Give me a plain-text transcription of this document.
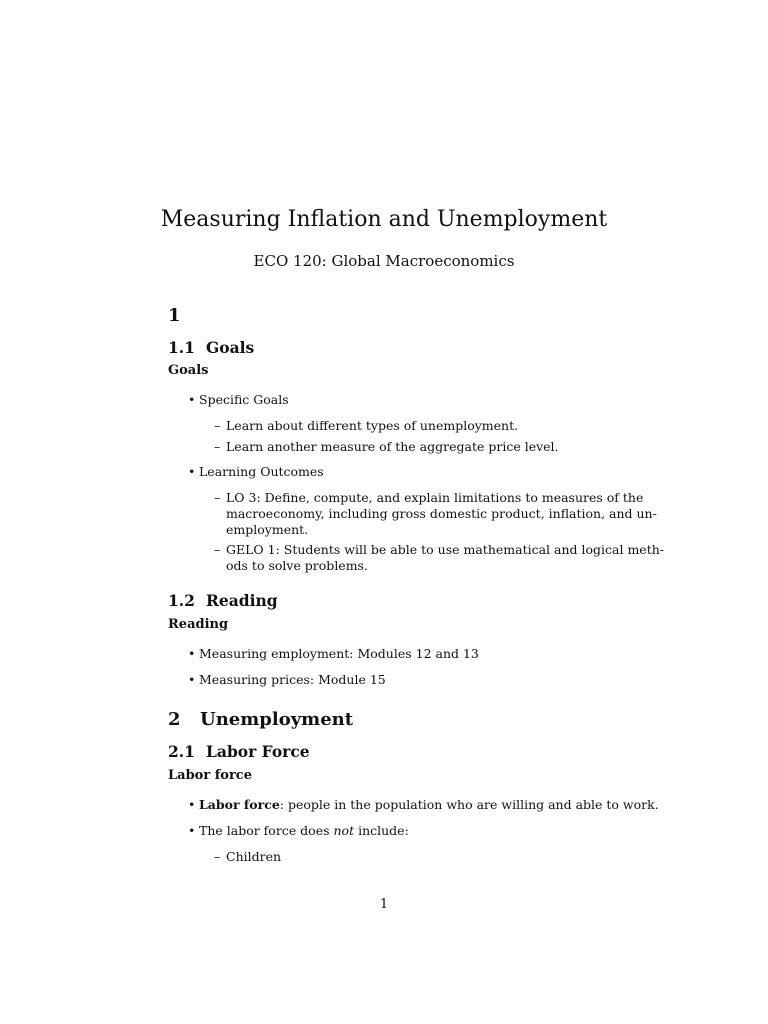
Measuring Inflation and Unemployment
ECO 120: Global Macroeconomics
1
1.1 Goals
Goals
• Specific Goals
– Learn about different types of unemployment.
– Learn another measure of the aggregate price level.
• Learning Outcomes
– LO 3: Define, compute, and explain limitations to measures of the
macroeconomy, including gross domestic product, inflation, and un-
employment.
– GELO 1: Students will be able to use mathematical and logical meth-
ods to solve problems.
1.2 Reading
Reading
• Measuring employment: Modules 12 and 13
• Measuring prices: Module 15
2 Unemployment
2.1 Labor Force
Labor force
• Labor force: people in the population who are willing and able to work.
• The labor force does not include:
– Children
1
